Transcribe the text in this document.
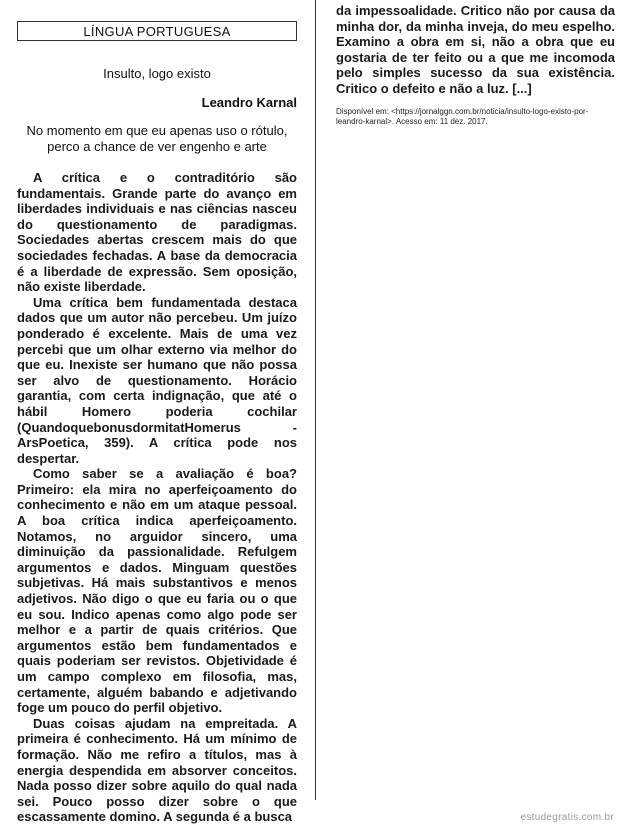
LÍNGUA PORTUGUESA
Insulto, logo existo
Leandro Karnal
No momento em que eu apenas uso o rótulo, perco a chance de ver engenho e arte

A crítica e o contraditório são fundamentais. Grande parte do avanço em liberdades individuais e nas ciências nasceu do questionamento de paradigmas. Sociedades abertas crescem mais do que sociedades fechadas. A base da democracia é a liberdade de expressão. Sem oposição, não existe liberdade.

Uma crítica bem fundamentada destaca dados que um autor não percebeu. Um juízo ponderado é excelente. Mais de uma vez percebi que um olhar externo via melhor do que eu. Inexiste ser humano que não possa ser alvo de questionamento. Horácio garantia, com certa indignação, que até o hábil Homero poderia cochilar (QuandoquebonusdormitatHomerus - ArsPoetica, 359). A crítica pode nos despertar.

Como saber se a avaliação é boa? Primeiro: ela mira no aperfeiçoamento do conhecimento e não em um ataque pessoal. A boa crítica indica aperfeiçoamento. Notamos, no arguidor sincero, uma diminuição da passionalidade. Refulgem argumentos e dados. Minguam questões subjetivas. Há mais substantivos e menos adjetivos. Não digo o que eu faria ou o que eu sou. Indico apenas como algo pode ser melhor e a partir de quais critérios. Que argumentos estão bem fundamentados e quais poderiam ser revistos. Objetividade é um campo complexo em filosofia, mas, certamente, alguém babando e adjetivando foge um pouco do perfil objetivo.

Duas coisas ajudam na empreitada. A primeira é conhecimento. Há um mínimo de formação. Não me refiro a títulos, mas à energia despendida em absorver conceitos. Nada posso dizer sobre aquilo do qual nada sei. Pouco posso dizer sobre o que escassamente domino. A segunda é a busca

da impessoalidade. Critico não por causa da minha dor, da minha inveja, do meu espelho. Examino a obra em si, não a obra que eu gostaria de ter feito ou a que me incomoda pelo simples sucesso da sua existência. Critico o defeito e não a luz. [...]

Disponível em: <https://jornalggn.com.br/noticia/insulto-logo-existo-por-leandro-karnal>. Acesso em: 11 dez. 2017.
estudegratis.com.br
